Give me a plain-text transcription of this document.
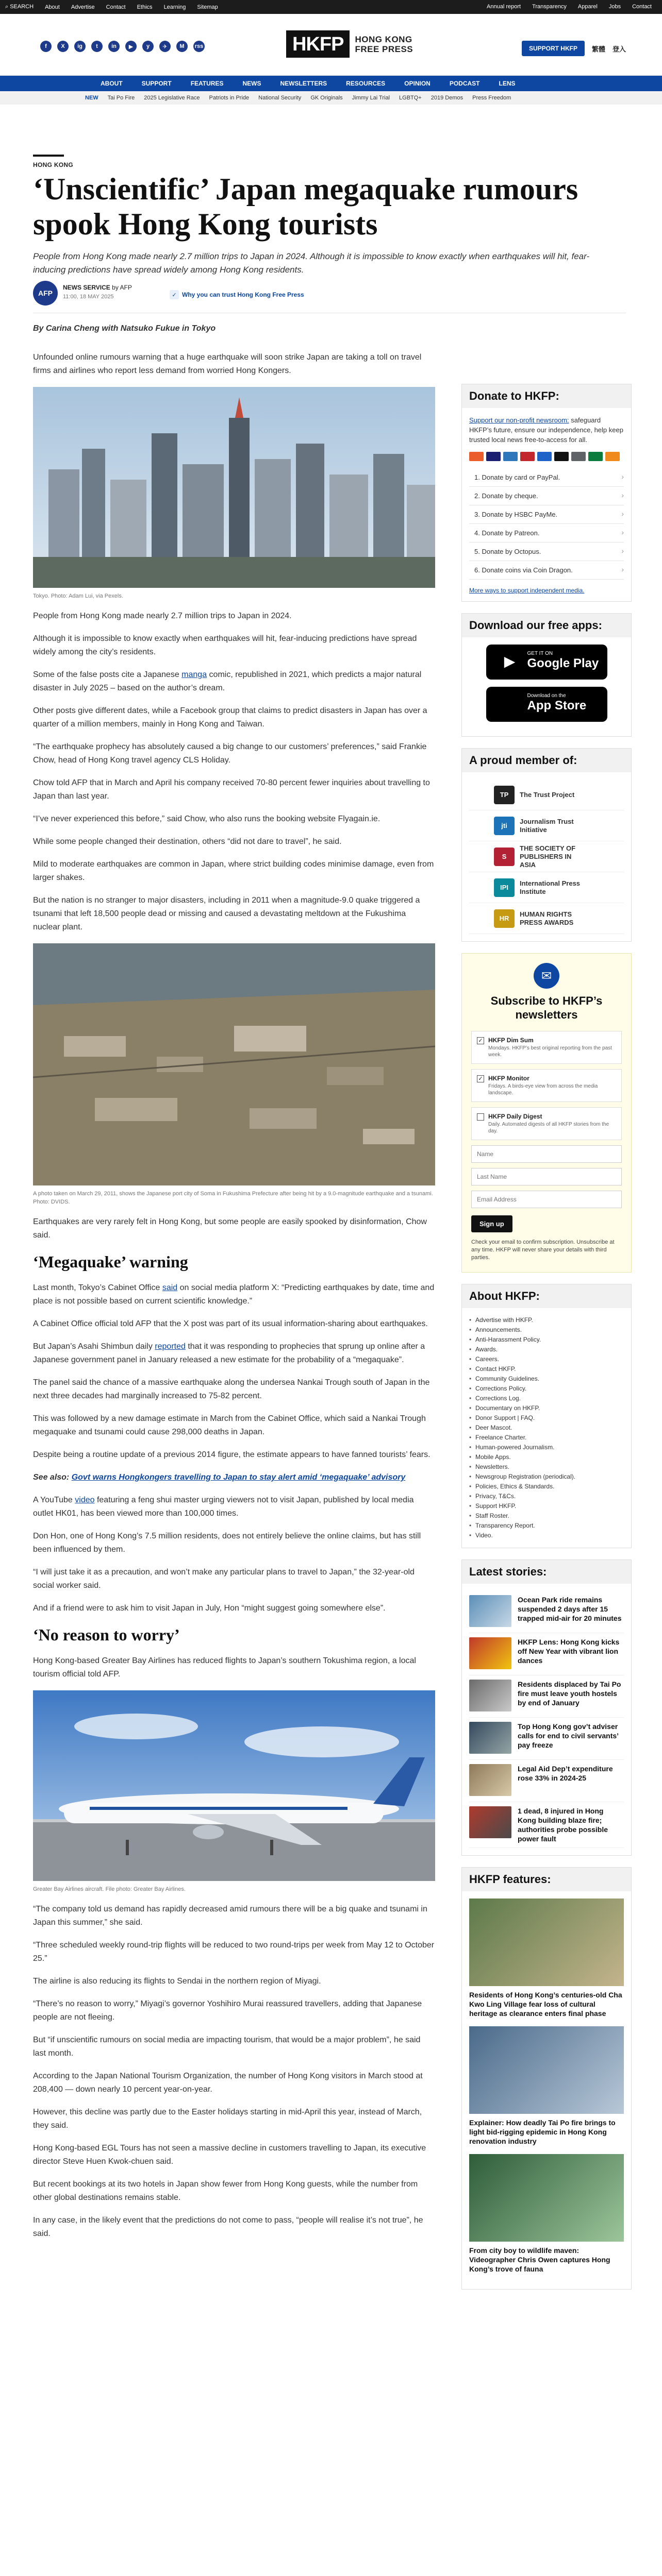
⌕ SEARCH About Advertise Contact Ethics Learning Sitemap	Annual report Transparency Apparel Jobs Contact
f	X	ig	t	in	▶	y	✈	M	rss	HKFP	HONG KONG
FREE PRESS	SUPPORT HKFP	繁體 登入
ABOUT	SUPPORT	FEATURES	NEWS	NEWSLETTERS	RESOURCES	OPINION	PODCAST	LENS
NEW Tai Po Fire 2025 Legislative Race Patriots in Pride National Security GK Originals Jimmy Lai Trial LGBTQ+ 2019 Demos Press Freedom
HONG KONG
‘Unscientific’ Japan megaquake rumours spook Hong Kong tourists
People from Hong Kong made nearly 2.7 million trips to Japan in 2024. Although it is impossible to know exactly when earthquakes will hit, fear-inducing predictions have spread widely among Hong Kong residents.
AFP
NEWS SERVICE by AFP
11:00, 18 MAY 2025	✓ Why you can trust Hong Kong Free Press

By Carina Cheng with Natsuko Fukue in Tokyo

Unfounded online rumours warning that a huge earthquake will soon strike Japan are taking a toll on travel firms and airlines who report less demand from worried Hong Kongers.

Tokyo. Photo: Adam Lui, via Pexels.

People from Hong Kong made nearly 2.7 million trips to Japan in 2024.

Although it is impossible to know exactly when earthquakes will hit, fear-inducing predictions have spread widely among the city’s residents.

Some of the false posts cite a Japanese manga comic, republished in 2021, which predicts a major natural disaster in July 2025 – based on the author’s dream.

Other posts give different dates, while a Facebook group that claims to predict disasters in Japan has over a quarter of a million members, mainly in Hong Kong and Taiwan.

“The earthquake prophecy has absolutely caused a big change to our customers’ preferences,” said Frankie Chow, head of Hong Kong travel agency CLS Holiday.

Chow told AFP that in March and April his company received 70-80 percent fewer inquiries about travelling to Japan than last year.

“I’ve never experienced this before,” said Chow, who also runs the booking website Flyagain.ie.

While some people changed their destination, others “did not dare to travel”, he said.

Mild to moderate earthquakes are common in Japan, where strict building codes minimise damage, even from larger shakes.

But the nation is no stranger to major disasters, including in 2011 when a magnitude-9.0 quake triggered a tsunami that left 18,500 people dead or missing and caused a devastating meltdown at the Fukushima nuclear plant.

A photo taken on March 29, 2011, shows the Japanese port city of Soma in Fukushima Prefecture after being hit by a 9.0-magnitude earthquake and a tsunami. Photo: DVIDS.

Earthquakes are very rarely felt in Hong Kong, but some people are easily spooked by disinformation, Chow said.

‘Megaquake’ warning

Last month, Tokyo’s Cabinet Office said on social media platform X: “Predicting earthquakes by date, time and place is not possible based on current scientific knowledge.”

A Cabinet Office official told AFP that the X post was part of its usual information-sharing about earthquakes.

But Japan’s Asahi Shimbun daily reported that it was responding to prophecies that sprung up online after a Japanese government panel in January released a new estimate for the probability of a “megaquake”.

The panel said the chance of a massive earthquake along the undersea Nankai Trough south of Japan in the next three decades had marginally increased to 75-82 percent.

This was followed by a new damage estimate in March from the Cabinet Office, which said a Nankai Trough megaquake and tsunami could cause 298,000 deaths in Japan.

Despite being a routine update of a previous 2014 figure, the estimate appears to have fanned tourists’ fears.

See also: Govt warns Hongkongers travelling to Japan to stay alert amid ‘megaquake’ advisory

A YouTube video featuring a feng shui master urging viewers not to visit Japan, published by local media outlet HK01, has been viewed more than 100,000 times.

Don Hon, one of Hong Kong’s 7.5 million residents, does not entirely believe the online claims, but has still been influenced by them.

“I will just take it as a precaution, and won’t make any particular plans to travel to Japan,” the 32-year-old social worker said.

And if a friend were to ask him to visit Japan in July, Hon “might suggest going somewhere else”.

‘No reason to worry’

Hong Kong-based Greater Bay Airlines has reduced flights to Japan’s southern Tokushima region, a local tourism official told AFP.

Greater Bay Airlines aircraft. File photo: Greater Bay Airlines.

“The company told us demand has rapidly decreased amid rumours there will be a big quake and tsunami in Japan this summer,” she said.

“Three scheduled weekly round-trip flights will be reduced to two round-trips per week from May 12 to October 25.”

The airline is also reducing its flights to Sendai in the northern region of Miyagi.

“There’s no reason to worry,” Miyagi’s governor Yoshihiro Murai reassured travellers, adding that Japanese people are not fleeing.

But “if unscientific rumours on social media are impacting tourism, that would be a major problem”, he said last month.

According to the Japan National Tourism Organization, the number of Hong Kong visitors in March stood at 208,400 — down nearly 10 percent year-on-year.

However, this decline was partly due to the Easter holidays starting in mid-April this year, instead of March, they said.

Hong Kong-based EGL Tours has not seen a massive decline in customers travelling to Japan, its executive director Steve Huen Kwok-chuen said.

But recent bookings at its two hotels in Japan show fewer from Hong Kong guests, while the number from other global destinations remains stable.

In any case, in the likely event that the predictions do not come to pass, “people will realise it’s not true”, he said.

Donate to HKFP:
Support our non-profit newsroom: safeguard HKFP’s future, ensure our independence, help keep trusted local news free-to-access for all.
1. Donate by card or PayPal. ›
2. Donate by cheque. ›
3. Donate by HSBC PayMe. ›
4. Donate by Patreon. ›
5. Donate by Octopus. ›
6. Donate coins via Coin Dragon. ›
More ways to support independent media.
Download our free apps:
▶	GET IT ON
Google Play
Download on the
App Store
A proud member of:
TP	The Trust Project
jti
Journalism Trust Initiative
S
THE SOCIETY OF PUBLISHERS IN ASIA
IPI
International Press Institute
HR
HUMAN RIGHTS PRESS AWARDS
✉
Subscribe to HKFP’s newsletters
✓ HKFP Dim Sum
Mondays. HKFP’s best original reporting from the past week.
✓ HKFP Monitor
Fridays. A birds-eye view from across the media landscape.
HKFP Daily Digest
Daily. Automated digests of all HKFP stories from the day.
Name
Last Name
Email Address Sign up
Check your email to confirm subscription. Unsubscribe at any time. HKFP will never share your details with third parties.
About HKFP:
• Advertise with HKFP.
• Announcements.
• Anti-Harassment Policy.
• Awards.
• Careers.
• Contact HKFP.
• Community Guidelines.
• Corrections Policy.
• Corrections Log.
• Documentary on HKFP.
• Donor Support | FAQ.
• Deer Mascot.
• Freelance Charter.
• Human-powered Journalism.
• Mobile Apps.
• Newsletters.
• Newsgroup Registration (periodical).
• Policies, Ethics & Standards.
• Privacy, T&Cs.
• Support HKFP.
• Staff Roster.
• Transparency Report.
• Video.
Latest stories:
Ocean Park ride remains suspended 2 days after 15 trapped mid-air for 20 minutes
HKFP Lens: Hong Kong kicks off New Year with vibrant lion dances
Residents displaced by Tai Po fire must leave youth hostels by end of January
Top Hong Kong gov’t adviser calls for end to civil servants’ pay freeze
Legal Aid Dep’t expenditure rose 33% in 2024-25
1 dead, 8 injured in Hong Kong building blaze fire; authorities probe possible power fault
HKFP features:
Residents of Hong Kong’s centuries-old Cha Kwo Ling Village fear loss of cultural heritage as clearance enters final phase
Explainer: How deadly Tai Po fire brings to light bid-rigging epidemic in Hong Kong renovation industry
From city boy to wildlife maven: Videographer Chris Owen captures Hong Kong’s trove of fauna
